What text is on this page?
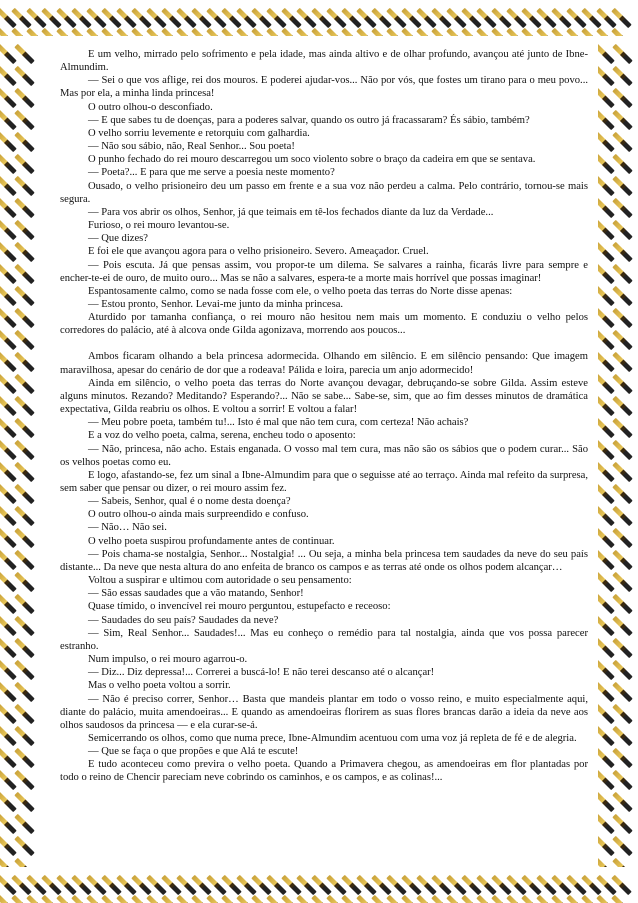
E um velho, mirrado pelo sofrimento e pela idade, mas ainda altivo e de olhar profundo, avançou até junto de Ibne-Almundim.

— Sei o que vos aflige, rei dos mouros. E poderei ajudar-vos... Não por vós, que fostes um tirano para o meu povo... Mas por ela, a minha linda princesa!

O outro olhou-o desconfiado.

— E que sabes tu de doenças, para a poderes salvar, quando os outro já fracassaram? És sábio, também?

O velho sorriu levemente e retorquiu com galhardia.

— Não sou sábio, não, Real Senhor... Sou poeta!

O punho fechado do rei mouro descarregou um soco violento sobre o braço da cadeira em que se sentava.

— Poeta?... E para que me serve a poesia neste momento?

Ousado, o velho prisioneiro deu um passo em frente e a sua voz não perdeu a calma. Pelo contrário, tornou-se mais segura.

— Para vos abrir os olhos, Senhor, já que teimais em tê-los fechados diante da luz da Verdade...

Furioso, o rei mouro levantou-se.

— Que dizes?

E foi ele que avançou agora para o velho prisioneiro. Severo. Ameaçador. Cruel.

— Pois escuta. Já que pensas assim, vou propor-te um dilema. Se salvares a rainha, ficarás livre para sempre e encher-te-ei de ouro, de muito ouro... Mas se não a salvares, espera-te a morte mais horrível que possas imaginar!

Espantosamente calmo, como se nada fosse com ele, o velho poeta das terras do Norte disse apenas:

— Estou pronto, Senhor. Levai-me junto da minha princesa.

Aturdido por tamanha confiança, o rei mouro não hesitou nem mais um momento. E conduziu o velho pelos corredores do palácio, até à alcova onde Gilda agonizava, morrendo aos poucos...

Ambos ficaram olhando a bela princesa adormecida. Olhando em silêncio. E em silêncio pensando: Que imagem maravilhosa, apesar do cenário de dor que a rodeava! Pálida e loira, parecia um anjo adormecido!

Ainda em silêncio, o velho poeta das terras do Norte avançou devagar, debruçando-se sobre Gilda. Assim esteve alguns minutos. Rezando? Meditando? Esperando?... Não se sabe... Sabe-se, sim, que ao fim desses minutos de dramática expectativa, Gilda reabriu os olhos. E voltou a sorrir! E voltou a falar!

— Meu pobre poeta, também tu!... Isto é mal que não tem cura, com certeza! Não achais?

E a voz do velho poeta, calma, serena, encheu todo o aposento:

— Não, princesa, não acho. Estais enganada. O vosso mal tem cura, mas não são os sábios que o podem curar... São os velhos poetas como eu.

E logo, afastando-se, fez um sinal a Ibne-Almundim para que o seguisse até ao terraço. Ainda mal refeito da surpresa, sem saber que pensar ou dizer, o rei mouro assim fez.

— Sabeis, Senhor, qual é o nome desta doença?

O outro olhou-o ainda mais surpreendido e confuso.

— Não… Não sei.

O velho poeta suspirou profundamente antes de continuar.

— Pois chama-se nostalgia, Senhor... Nostalgia! ... Ou seja, a minha bela princesa tem saudades da neve do seu país distante... Da neve que nesta altura do ano enfeita de branco os campos e as terras até onde os olhos podem alcançar…

Voltou a suspirar e ultimou com autoridade o seu pensamento:

— São essas saudades que a vão matando, Senhor!

Quase tímido, o invencível rei mouro perguntou, estupefacto e receoso:

— Saudades do seu país? Saudades da neve?

— Sim, Real Senhor... Saudades!... Mas eu conheço o remédio para tal nostalgia, ainda que vos possa parecer estranho.

Num impulso, o rei mouro agarrou-o.

— Diz... Diz depressa!... Correrei a buscá-lo! E não terei descanso até o alcançar!

Mas o velho poeta voltou a sorrir.

— Não é preciso correr, Senhor… Basta que mandeis plantar em todo o vosso reino, e muito especialmente aqui, diante do palácio, muita amendoeiras... E quando as amendoeiras florirem as suas flores brancas darão a ideia da neve aos olhos saudosos da princesa — e ela curar-se-á.

Semicerrando os olhos, como que numa prece, Ibne-Almundim acentuou com uma voz já repleta de fé e de alegria.

— Que se faça o que propões e que Alá te escute!

E tudo aconteceu como previra o velho poeta. Quando a Primavera chegou, as amendoeiras em flor plantadas por todo o reino de Chencir pareciam neve cobrindo os caminhos, e os campos, e as colinas!...
